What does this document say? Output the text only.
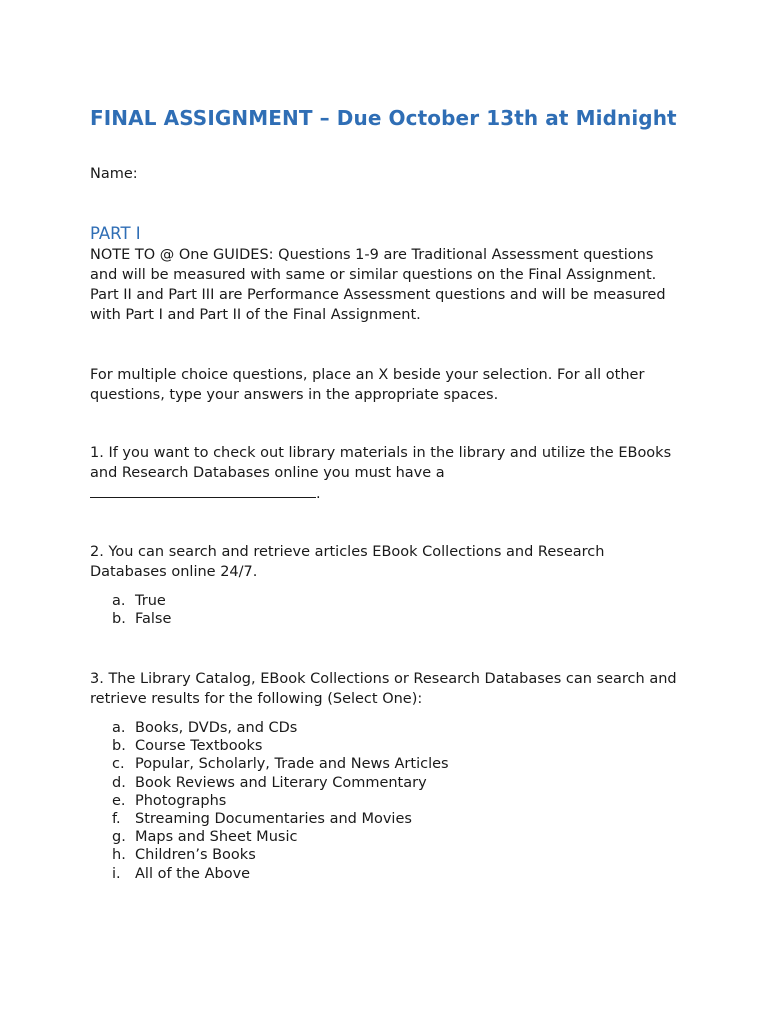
FINAL ASSIGNMENT – Due October 13th at Midnight

Name:

PART I

NOTE TO @ One GUIDES: Questions 1-9 are Traditional Assessment questions and will be measured with same or similar questions on the Final Assignment. Part II and Part III are Performance Assessment questions and will be measured with Part I and Part II of the Final Assignment.

For multiple choice questions, place an X beside your selection. For all other questions, type your answers in the appropriate spaces.

1. If you want to check out library materials in the library and utilize the EBooks and Research Databases online you must have a
.

2. You can search and retrieve articles EBook Collections and Research Databases online 24/7.

a. True
b. False

3. The Library Catalog, EBook Collections or Research Databases can search and retrieve results for the following (Select One):

a. Books, DVDs, and CDs
b. Course Textbooks
c. Popular, Scholarly, Trade and News Articles
d. Book Reviews and Literary Commentary
e. Photographs
f. Streaming Documentaries and Movies
g. Maps and Sheet Music
h. Children’s Books
i. All of the Above
